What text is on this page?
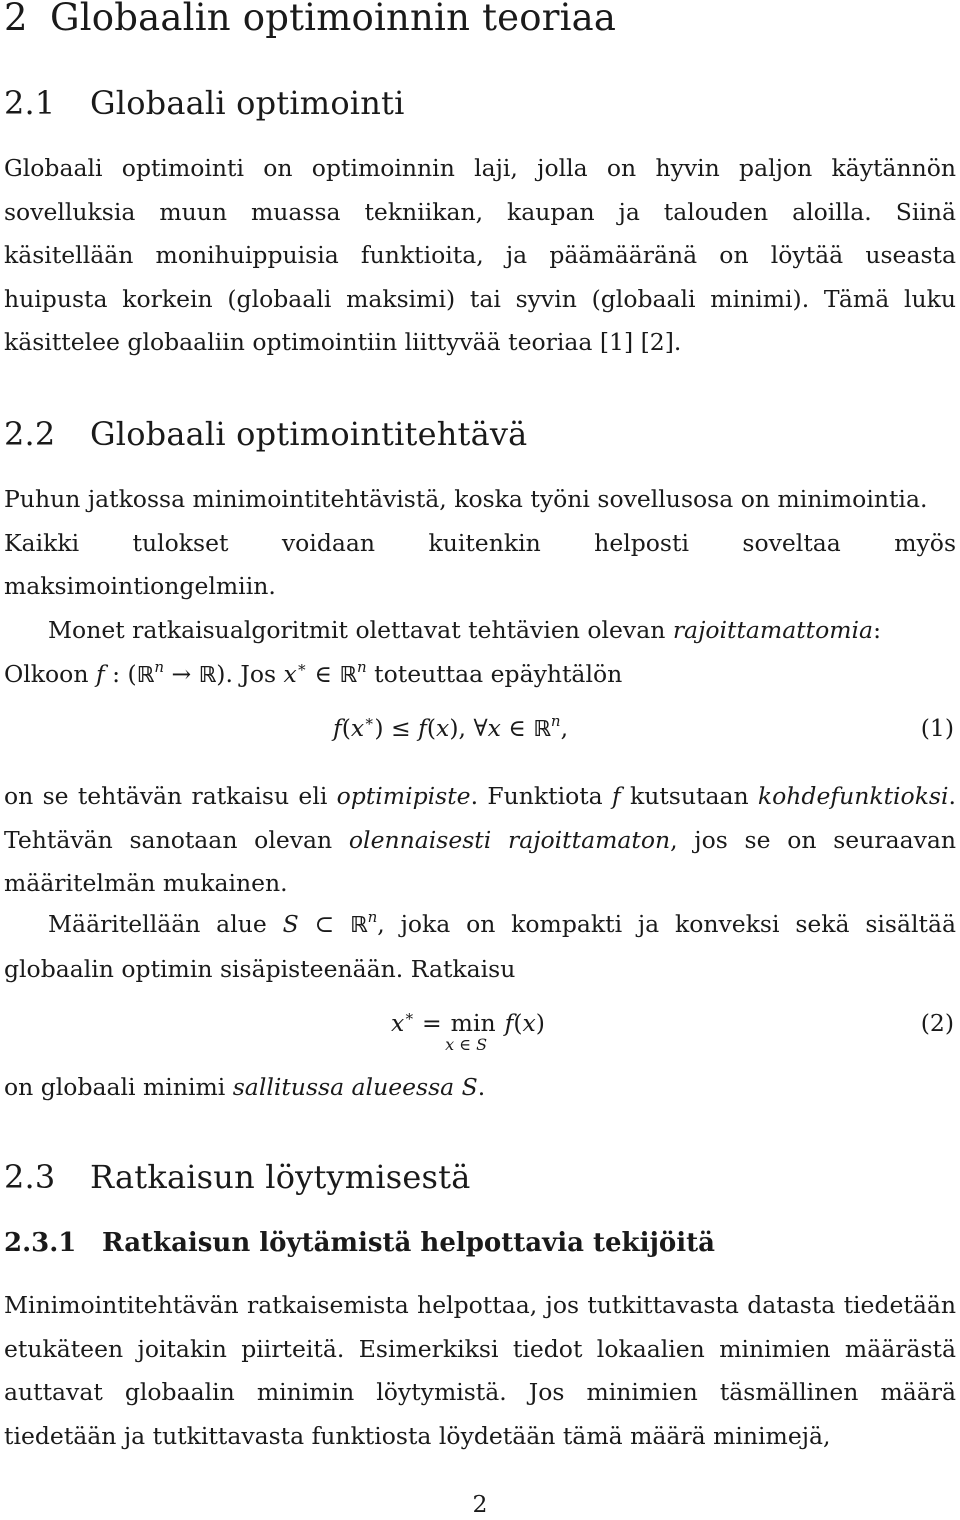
2 Globaalin optimoinnin teoriaa
2.1 Globaali optimointi

Globaali optimointi on optimoinnin laji, jolla on hyvin paljon käytännön sovelluksia muun muassa tekniikan, kaupan ja talouden aloilla. Siinä käsitellään monihuippuisia funktioita, ja päämääränä on löytää useasta huipusta korkein (globaali maksimi) tai syvin (globaali minimi). Tämä luku käsittelee globaaliin optimointiin liittyvää teoriaa [1] [2].

2.2 Globaali optimointitehtävä

Puhun jatkossa minimointitehtävistä, koska työni sovellusosa on minimointia.
Kaikki tulokset voidaan kuitenkin helposti soveltaa myös maksimointiongelmiin.

Monet ratkaisualgoritmit olettavat tehtävien olevan rajoittamattomia:
Olkoon f : (ℝ$^n$ → ℝ). Jos x∗ ∈ ℝ$^n$ toteuttaa epäyhtälön

f(x∗) ≤ f(x), ∀x ∈ ℝ$^n$,	(1)

on se tehtävän ratkaisu eli optimipiste. Funktiota f kutsutaan kohdefunktioksi. Tehtävän sanotaan olevan olennaisesti rajoittamaton, jos se on seuraavan määritelmän mukainen.

Määritellään alue S ⊂ ℝ$^n$, joka on kompakti ja konveksi sekä sisältää globaalin optimin sisäpisteenään. Ratkaisu

x∗ = min
x ∈ S
f(x)	(2)

on globaali minimi sallitussa alueessa S.

2.3 Ratkaisun löytymisestä
2.3.1 Ratkaisun löytämistä helpottavia tekijöitä

Minimointitehtävän ratkaisemista helpottaa, jos tutkittavasta datasta tiedetään etukäteen joitakin piirteitä. Esimerkiksi tiedot lokaalien minimien määrästä auttavat globaalin minimin löytymistä. Jos minimien täsmällinen määrä tiedetään ja tutkittavasta funktiosta löydetään tämä määrä minimejä,

2
